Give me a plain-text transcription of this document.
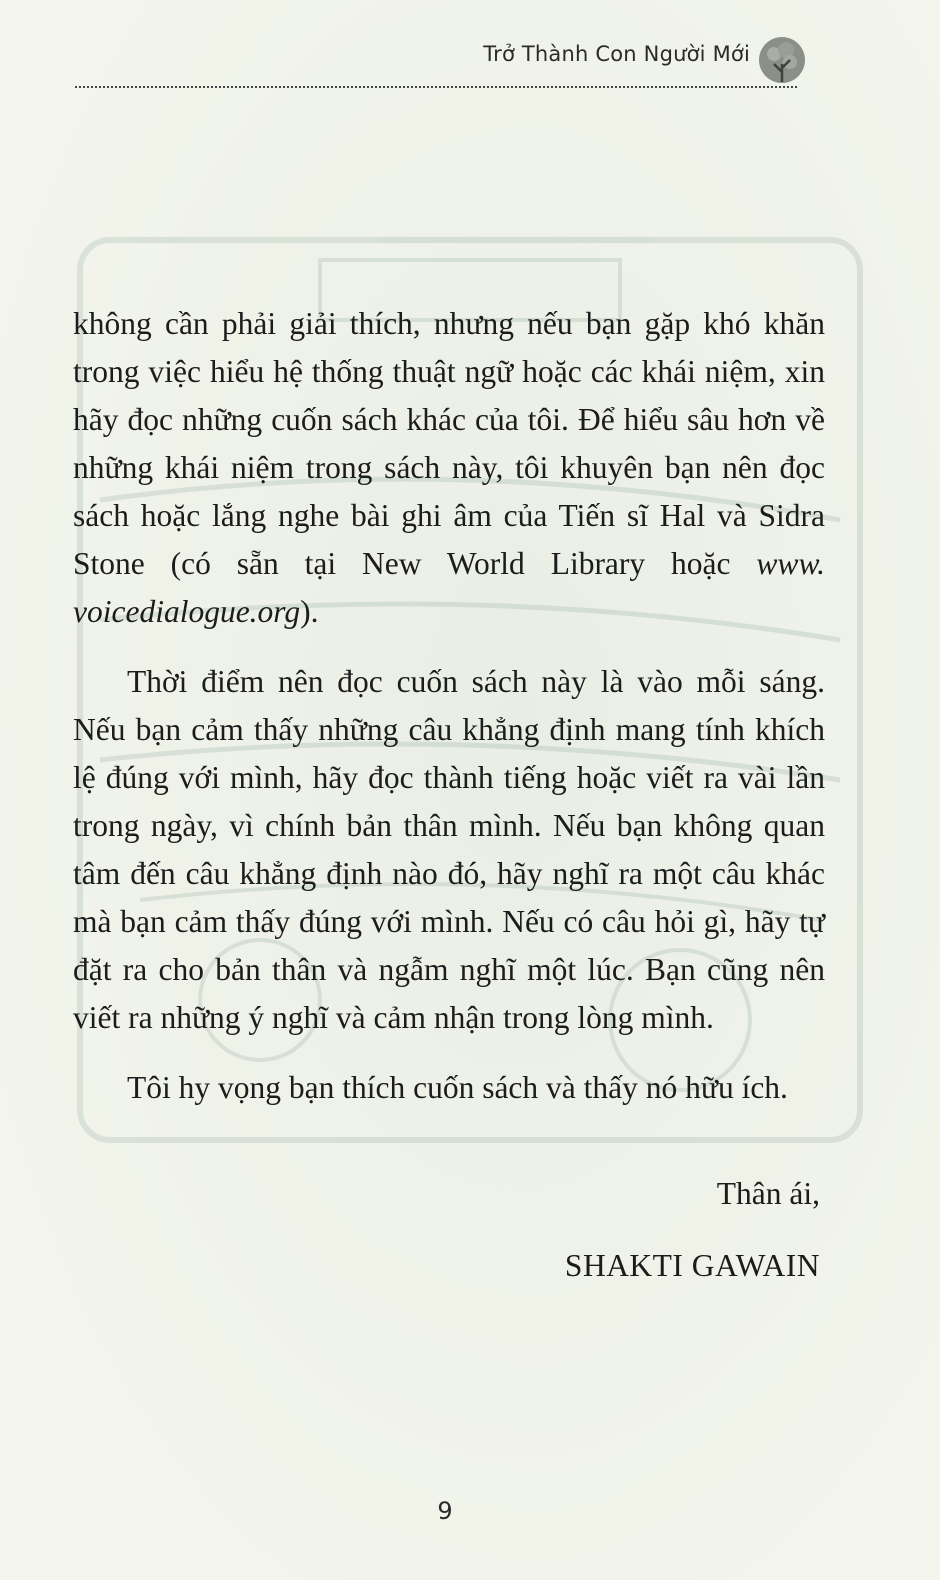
Trở Thành Con Người Mới

không cần phải giải thích, nhưng nếu bạn gặp khó khăn trong việc hiểu hệ thống thuật ngữ hoặc các khái niệm, xin hãy đọc những cuốn sách khác của tôi. Để hiểu sâu hơn về những khái niệm trong sách này, tôi khuyên bạn nên đọc sách hoặc lắng nghe bài ghi âm của Tiến sĩ Hal và Sidra Stone (có sẵn tại New World Library hoặc www. voicedialogue.org).

Thời điểm nên đọc cuốn sách này là vào mỗi sáng. Nếu bạn cảm thấy những câu khẳng định mang tính khích lệ đúng với mình, hãy đọc thành tiếng hoặc viết ra vài lần trong ngày, vì chính bản thân mình. Nếu bạn không quan tâm đến câu khẳng định nào đó, hãy nghĩ ra một câu khác mà bạn cảm thấy đúng với mình. Nếu có câu hỏi gì, hãy tự đặt ra cho bản thân và ngẫm nghĩ một lúc. Bạn cũng nên viết ra những ý nghĩ và cảm nhận trong lòng mình.

Tôi hy vọng bạn thích cuốn sách và thấy nó hữu ích.

Thân ái,
SHAKTI GAWAIN
9
